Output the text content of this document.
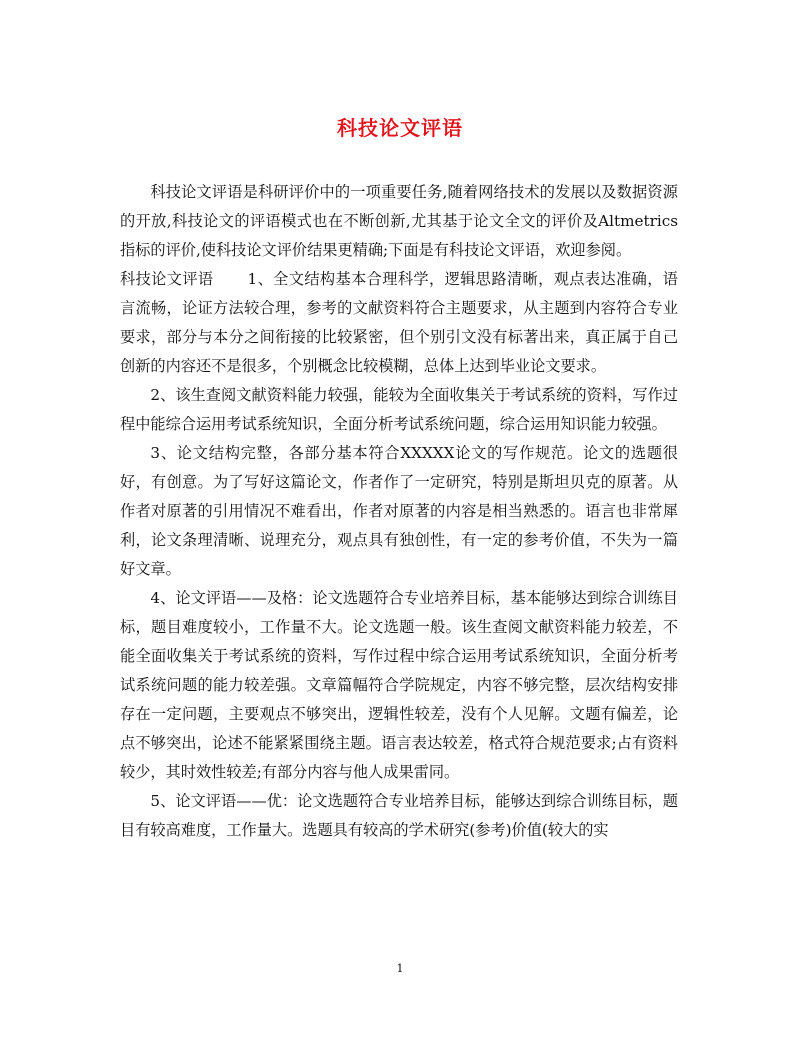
科技论文评语

科技论文评语是科研评价中的一项重要任务,随着网络技术的发展以及数据资源的开放,科技论文的评语模式也在不断创新,尤其基于论文全文的评价及Altmetrics指标的评价,使科技论文评价结果更精确;下面是有科技论文评语，欢迎参阅。

科技论文评语 1、全文结构基本合理科学，逻辑思路清晰，观点表达准确，语言流畅，论证方法较合理，参考的文献资料符合主题要求，从主题到内容符合专业要求，部分与本分之间衔接的比较紧密，但个别引文没有标著出来，真正属于自己创新的内容还不是很多，个别概念比较模糊，总体上达到毕业论文要求。

2、该生查阅文献资料能力较强，能较为全面收集关于考试系统的资料，写作过程中能综合运用考试系统知识，全面分析考试系统问题，综合运用知识能力较强。

3、论文结构完整，各部分基本符合XXXXX论文的写作规范。论文的选题很好，有创意。为了写好这篇论文，作者作了一定研究，特别是斯坦贝克的原著。从作者对原著的引用情况不难看出，作者对原著的内容是相当熟悉的。语言也非常犀利，论文条理清晰、说理充分，观点具有独创性，有一定的参考价值，不失为一篇好文章。

4、论文评语——及格：论文选题符合专业培养目标，基本能够达到综合训练目标，题目难度较小，工作量不大。论文选题一般。该生查阅文献资料能力较差，不能全面收集关于考试系统的资料，写作过程中综合运用考试系统知识，全面分析考试系统问题的能力较差强。文章篇幅符合学院规定，内容不够完整，层次结构安排存在一定问题，主要观点不够突出，逻辑性较差，没有个人见解。文题有偏差，论点不够突出，论述不能紧紧围绕主题。语言表达较差，格式符合规范要求;占有资料较少，其时效性较差;有部分内容与他人成果雷同。

5、论文评语——优：论文选题符合专业培养目标，能够达到综合训练目标，题目有较高难度，工作量大。选题具有较高的学术研究(参考)价值(较大的实

1
